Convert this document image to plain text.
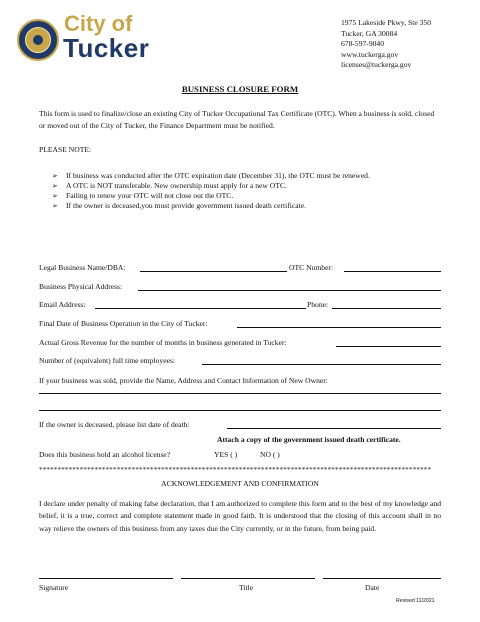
City of
Tucker
1975 Lakeside Pkwy, Ste 350
Tucker, GA 30084
678-597-9040
www.tuckerga.gov
licenses@tuckerga.gov
BUSINESS CLOSURE FORM
This form is used to finalize/close an existing City of Tucker Occupational Tax Certificate (OTC). When a business is sold, closed or moved out of the City of Tucker, the Finance Department must be notified.
PLEASE NOTE:
➢ If business was conducted after the OTC expiration date (December 31), the OTC must be renewed.
➢ A OTC is NOT transferable. New ownership must apply for a new OTC.
➢ Failing to renew your OTC will not close out the OTC.
➢ If the owner is deceased,you must provide government issued death certificate.
Legal Business Name/DBA:	OTC Number:
Business Physical Address:
Email Address:	Phone:
Final Date of Business Operation in the City of Tucker:
Actual Gross Revenue for the number of months in business generated in Tucker:
Number of (equivalent) full time employees:
If your business was sold, provide the Name, Address and Contact Information of New Owner:
If the owner is deceased, please list date of death:
Attach a copy of the government issued death certificate.
Does this business hold an alcohol license?	YES ( )	NO ( )
**********************************************************************************************************
ACKNOWLEDGEMENT AND CONFIRMATION
I declare under penalty of making false declaration, that I am authorized to complete this form and to the best of my knowledge and belief, it is a true, correct and complete statement made in good faith. It is understood that the closing of this account shall in no way relieve the owners of this business from any taxes due the City currently, or in the future, from being paid.
Signature	Title	Date
Revised 11/2021
